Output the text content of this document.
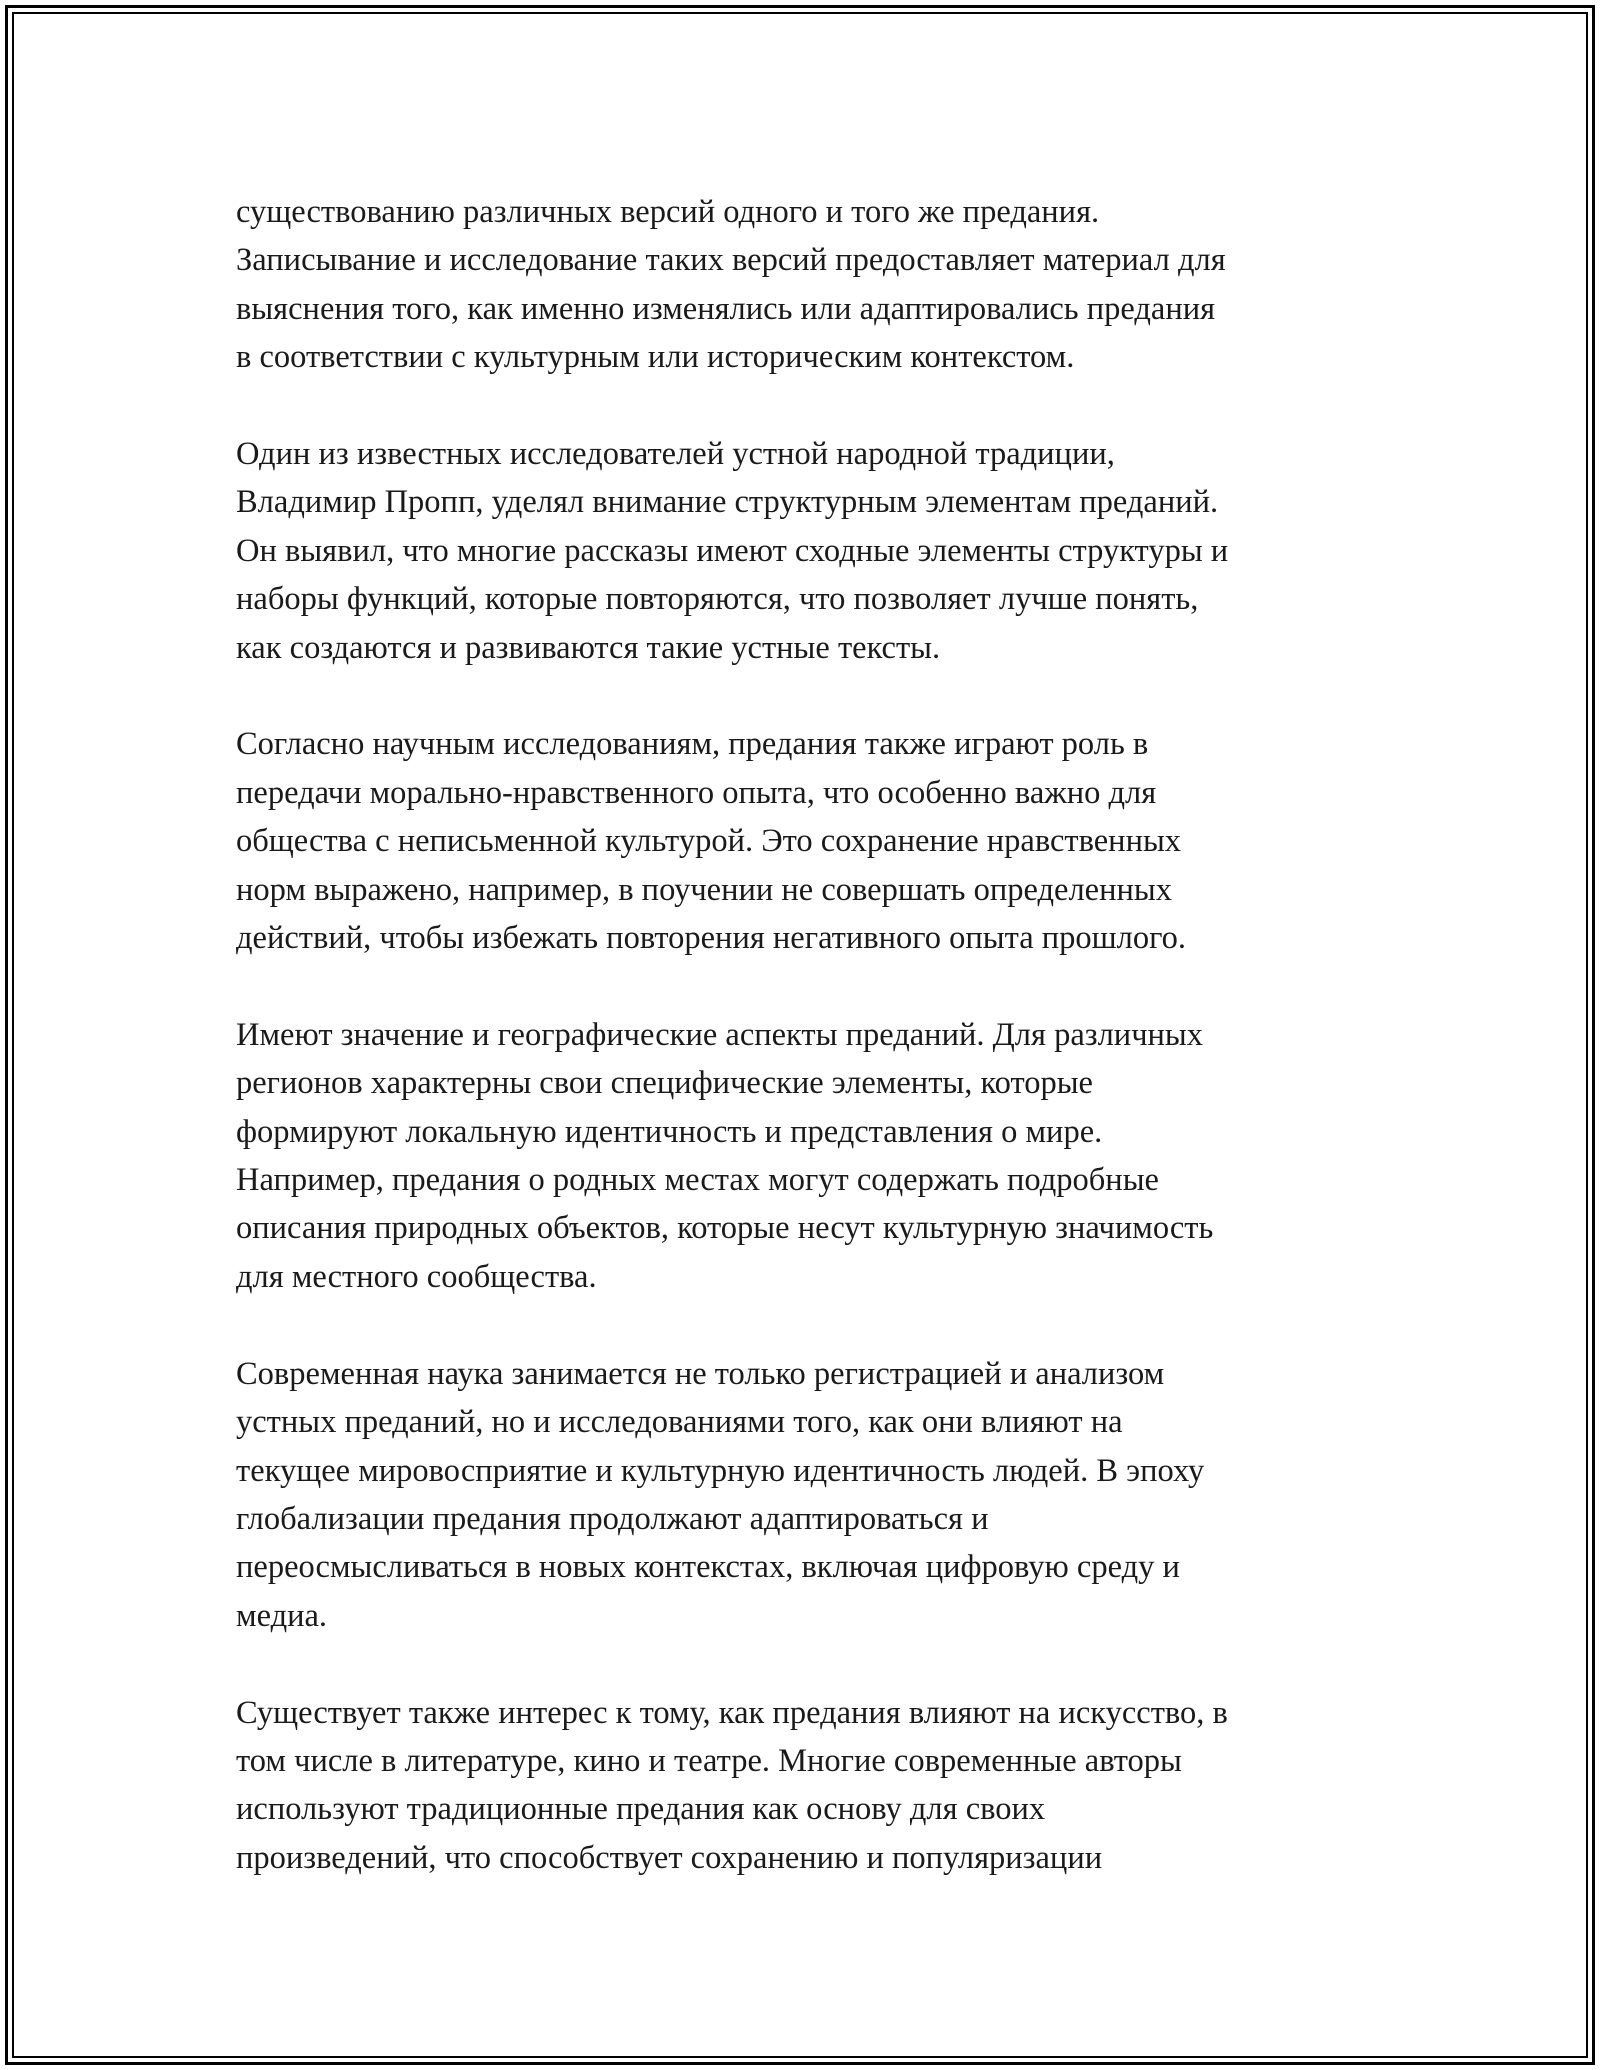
существованию различных версий одного и того же предания.
Записывание и исследование таких версий предоставляет материал для
выяснения того, как именно изменялись или адаптировались предания
в соответствии с культурным или историческим контекстом.

Один из известных исследователей устной народной традиции,
Владимир Пропп, уделял внимание структурным элементам преданий.
Он выявил, что многие рассказы имеют сходные элементы структуры и
наборы функций, которые повторяются, что позволяет лучше понять,
как создаются и развиваются такие устные тексты.

Согласно научным исследованиям, предания также играют роль в
передачи морально-нравственного опыта, что особенно важно для
общества с неписьменной культурой. Это сохранение нравственных
норм выражено, например, в поучении не совершать определенных
действий, чтобы избежать повторения негативного опыта прошлого.

Имеют значение и географические аспекты преданий. Для различных
регионов характерны свои специфические элементы, которые
формируют локальную идентичность и представления о мире.
Например, предания о родных местах могут содержать подробные
описания природных объектов, которые несут культурную значимость
для местного сообщества.

Современная наука занимается не только регистрацией и анализом
устных преданий, но и исследованиями того, как они влияют на
текущее мировосприятие и культурную идентичность людей. В эпоху
глобализации предания продолжают адаптироваться и
переосмысливаться в новых контекстах, включая цифровую среду и
медиа.

Существует также интерес к тому, как предания влияют на искусство, в
том числе в литературе, кино и театре. Многие современные авторы
используют традиционные предания как основу для своих
произведений, что способствует сохранению и популяризации
